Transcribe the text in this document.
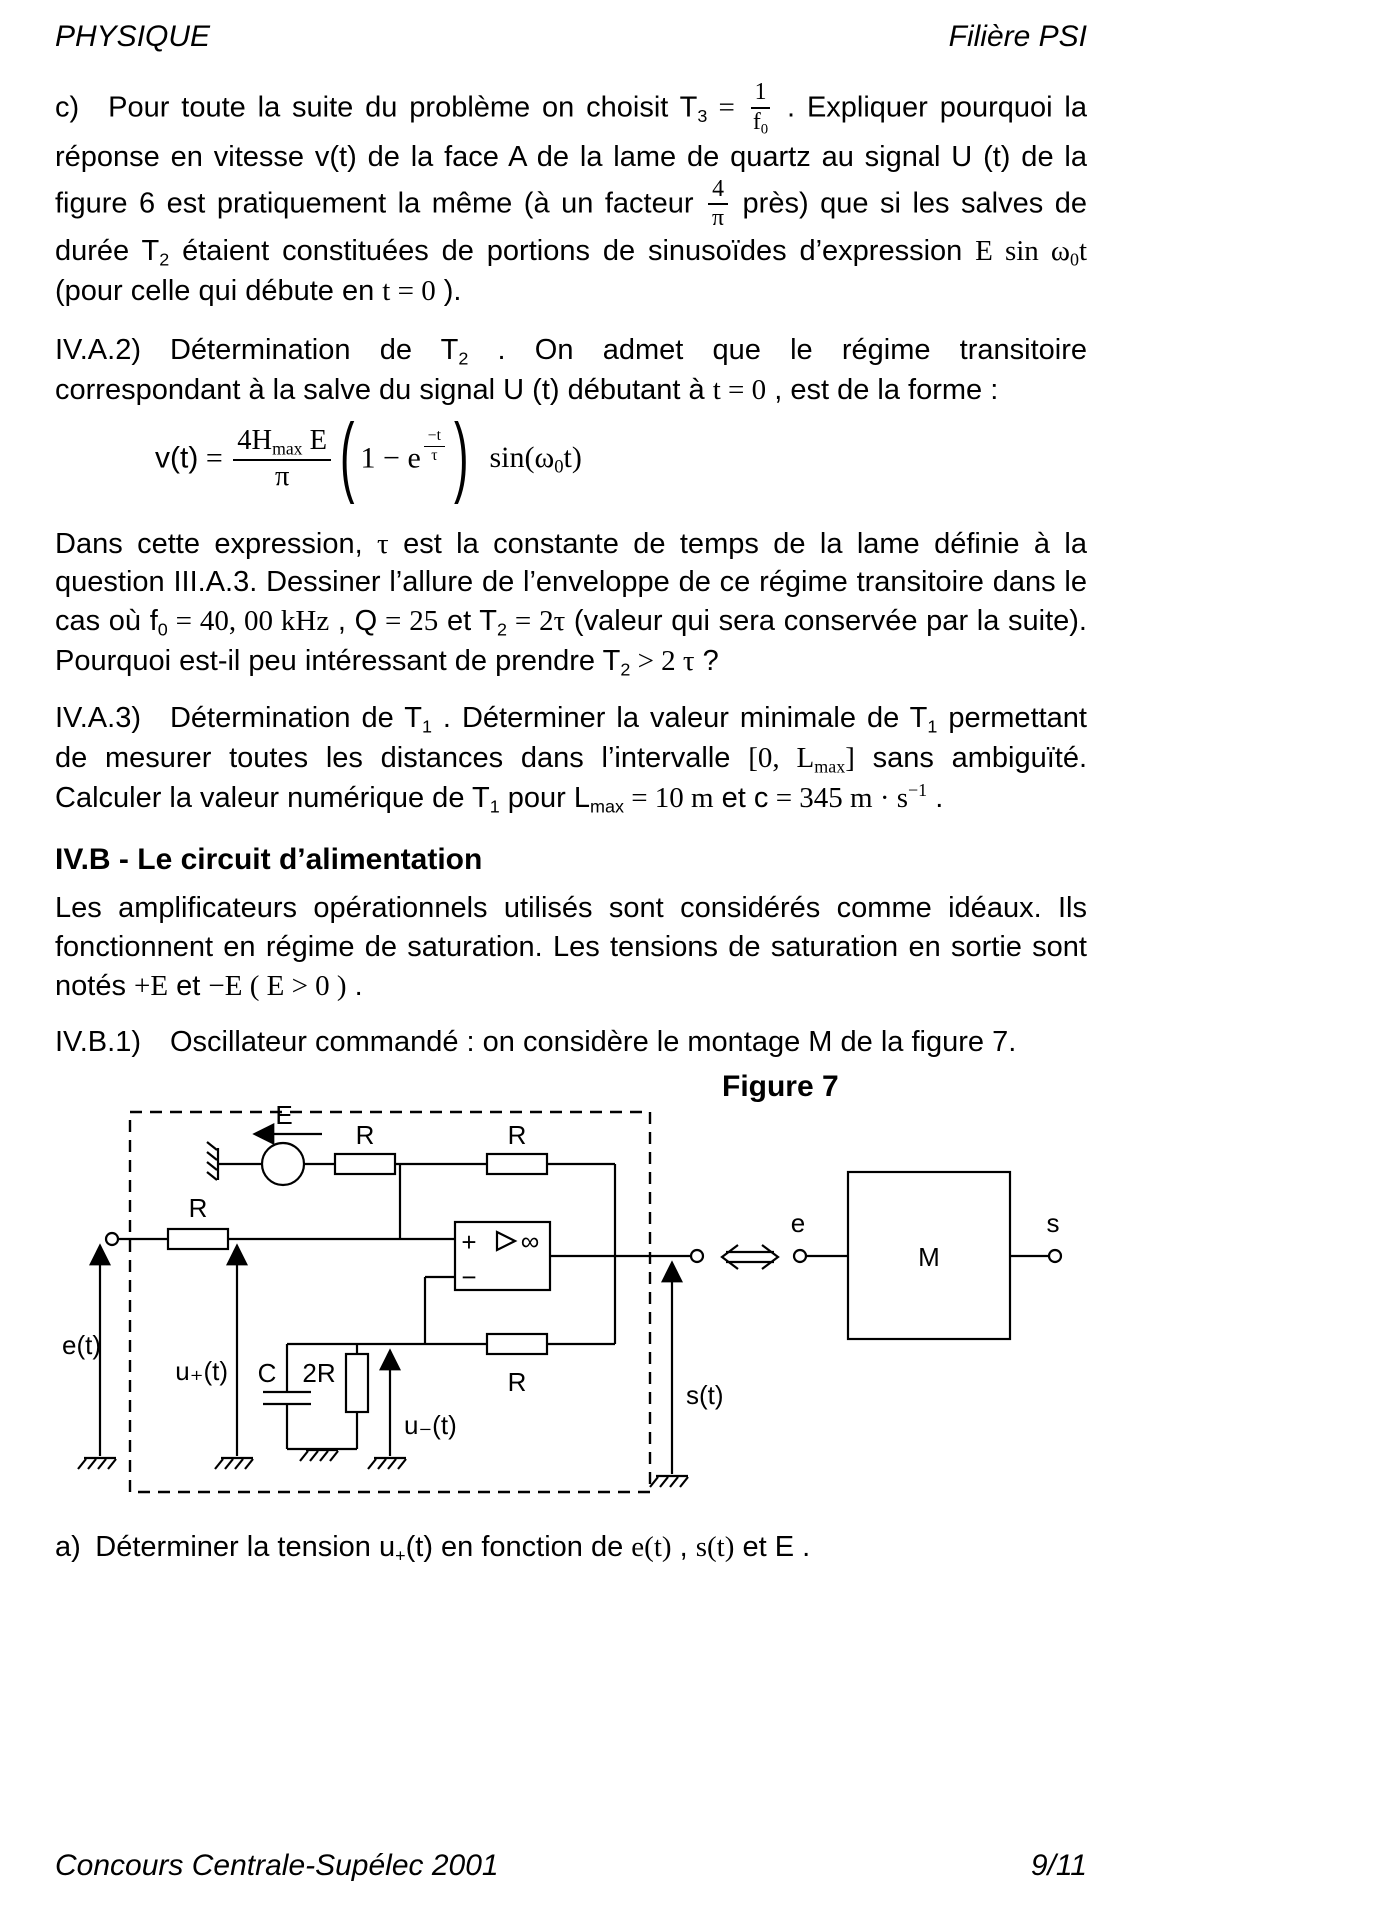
PHYSIQUE	Filière PSI

c) Pour toute la suite du problème on choisit $T_3 = \frac{1}{f_0}$ . Expliquer pourquoi la réponse en vitesse v(t) de la face A de la lame de quartz au signal U (t) de la figure 6 est pratiquement la même (à un facteur $\frac{4}{\pi}$ près) que si les salves de durée $T_2$ étaient constituées de portions de sinusoïdes d’expression E $\sin \omega_0t$ (pour celle qui débute en t = 0 ).

IV.A.2) Détermination de $T_2$ . On admet que le régime transitoire correspondant à la salve du signal U (t) débutant à t = 0 , est de la forme :

$v(t) = \frac{4H_{max} E}{\pi}$ ( 1 − e $^{\frac{-t}{\tau}}$ )  $\sin(\omega_0t)$

Dans cette expression, τ est la constante de temps de la lame définie à la question III.A.3. Dessiner l’allure de l’enveloppe de ce régime transitoire dans le cas où $f_0 = 40$, 00 kHz , Q = 25 et $T_2 = 2\tau$ (valeur qui sera conservée par la suite). Pourquoi est-il peu intéressant de prendre $T_2 > 2$ τ ?

IV.A.3) Détermination de $T_1$ . Déterminer la valeur minimale de $T_1$ permettant de mesurer toutes les distances dans l’intervalle [0, $L_{max}$] sans ambiguïté. Calculer la valeur numérique de $T_1$ pour $L_{max} = 10$ m et c = 345 $m \cdot s^{-1}$ .

IV.B - Le circuit d’alimentation

Les amplificateurs opérationnels utilisés sont considérés comme idéaux. Ils fonctionnent en régime de saturation. Les tensions de saturation en sortie sont notés +E et −E ( E > 0 ) .

IV.B.1) Oscillateur commandé : on considère le montage M de la figure 7.

Figure 7
E
R	R
R
+ ∞
−
R
C 2R
e(t)
u₊(t)
u₋(t)
s(t)
e
M
s

a) Déterminer la tension $u_+(t)$ en fonction de e(t) , s(t) et E .

Concours Centrale-Supélec 2001	9/11
